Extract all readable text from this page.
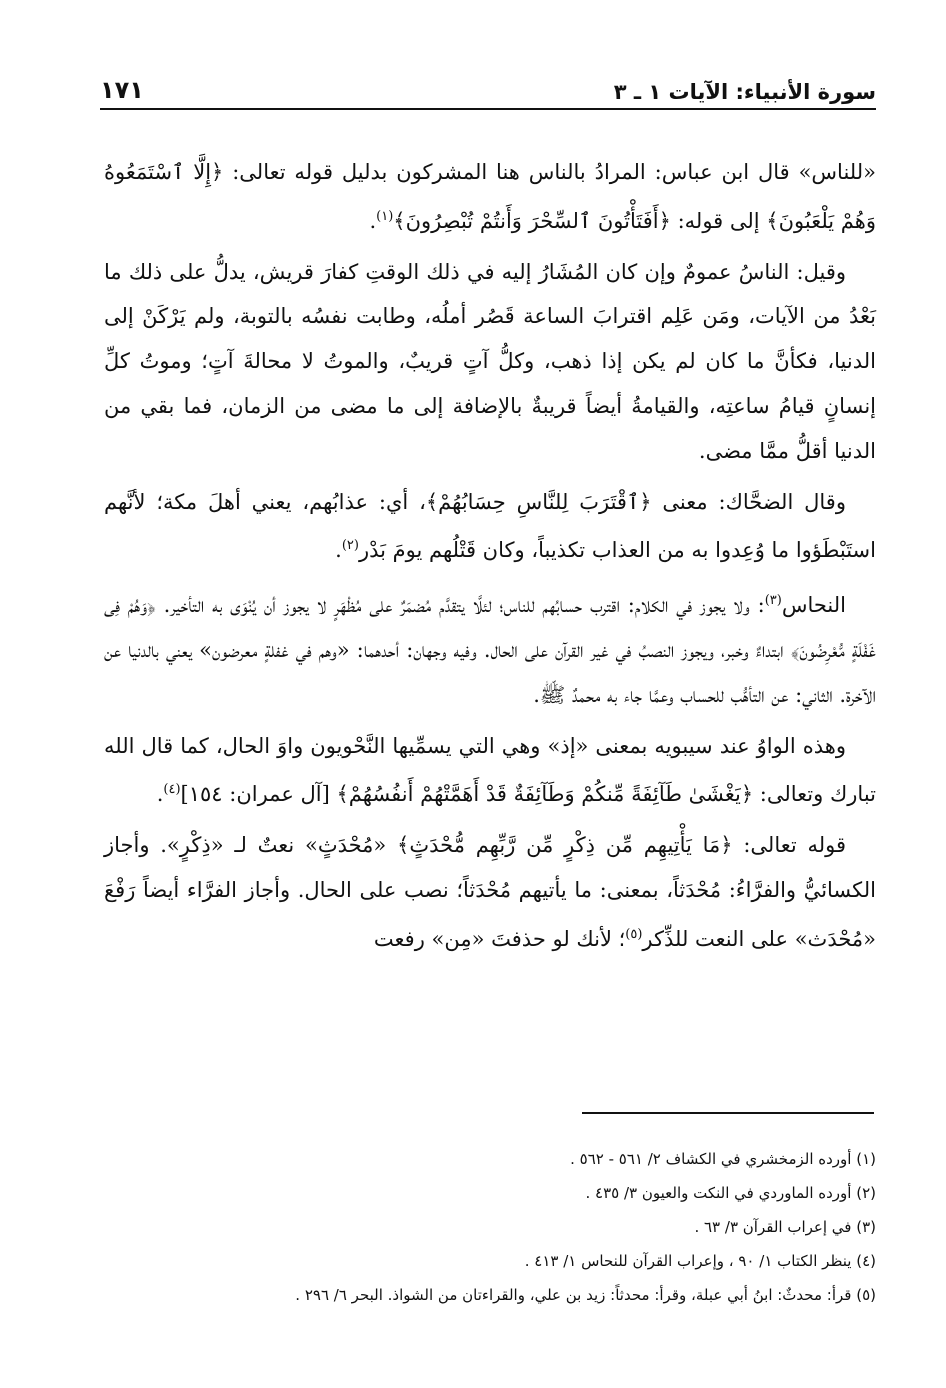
سورة الأنبياء: الآيات ١ ـ ٣
١٧١

«للناس» قال ابن عباس: المرادُ بالناس هنا المشركون بدليل قوله تعالى: ﴿إِلَّا ٱسْتَمَعُوهُ وَهُمْ يَلْعَبُونَ﴾ إلى قوله: ﴿أَفَتَأْتُونَ ٱلسِّحْرَ وَأَنتُمْ تُبْصِرُونَ﴾$^{(١)}$.

وقيل: الناسُ عمومٌ وإن كان المُشَارُ إليه في ذلك الوقتِ كفارَ قريش، يدلُّ على ذلك ما بَعْدُ من الآيات، ومَن عَلِم اقترابَ الساعة قَصُر أملُه، وطابت نفسُه بالتوبة، ولم يَرْكَنْ إلى الدنيا، فكأنَّ ما كان لم يكن إذا ذهب، وكلُّ آتٍ قريبٌ، والموتُ لا محالةَ آتٍ؛ وموتُ كلِّ إنسانٍ قيامُ ساعتِه، والقيامةُ أيضاً قريبةٌ بالإضافة إلى ما مضى من الزمان، فما بقي من الدنيا أقلُّ ممَّا مضى.

وقال الضحَّاك: معنى ﴿ٱقْتَرَبَ لِلنَّاسِ حِسَابُهُمْ﴾، أي: عذابُهم، يعني أهلَ مكة؛ لأنَّهم استَبْطَؤوا ما وُعِدوا به من العذاب تكذيباً، وكان قَتْلُهم يومَ بَدْر$^{(٢)}$.

النحاس$^{(٣)}$: ولا يجوز في الكلام: اقترب حسابُهم للناس؛ لئلَّا يتقدَّم مُضمَرٌ على مُظْهَرٍ لا يجوز أن يُنْوَى به التأخير. ﴿وَهُمْ فِى غَفْلَةٍ مُّعْرِضُونَ﴾ ابتداءٌ وخبر، ويجوز النصبُ في غير القرآن على الحال. وفيه وجهان: أحدهما: «وهم في غفلةٍ معرضون» يعني بالدنيا عن الآخرة. الثاني: عن التأهُّب للحساب وعمَّا جاء به محمدٌ ﷺ.

وهذه الواوُ عند سيبويه بمعنى «إذ» وهي التي يسمِّيها النَّحْويون واوَ الحال، كما قال الله تبارك وتعالى: ﴿يَغْشَىٰ طَآئِفَةً مِّنكُمْ وَطَآئِفَةٌ قَدْ أَهَمَّتْهُمْ أَنفُسُهُمْ﴾ [آل عمران: ١٥٤]$^{(٤)}$.

قوله تعالى: ﴿مَا يَأْتِيهِم مِّن ذِكْرٍ مِّن رَّبِّهِم مُّحْدَثٍ﴾ «مُحْدَثٍ» نعتٌ لـ «ذِكْرٍ». وأجاز الكسائيُّ والفرَّاءُ: مُحْدَثاً، بمعنى: ما يأتيهم مُحْدَثاً؛ نصب على الحال. وأجاز الفرَّاء أيضاً رَفْعَ «مُحْدَث» على النعت للذِّكر$^{(٥)}$؛ لأنك لو حذفتَ «مِن» رفعت

(١) أورده الزمخشري في الكشاف ٢/ ٥٦١ - ٥٦٢ .
(٢) أورده الماوردي في النكت والعيون ٣/ ٤٣٥ .
(٣) في إعراب القرآن ٣/ ٦٣ .
(٤) ينظر الكتاب ١/ ٩٠ ، وإعراب القرآن للنحاس ١/ ٤١٣ .
(٥) قرأ: محدثٌ: ابنُ أبي عبلة، وقرأ: محدثاً: زيد بن علي، والقراءتان من الشواذ. البحر ٦/ ٢٩٦ .
